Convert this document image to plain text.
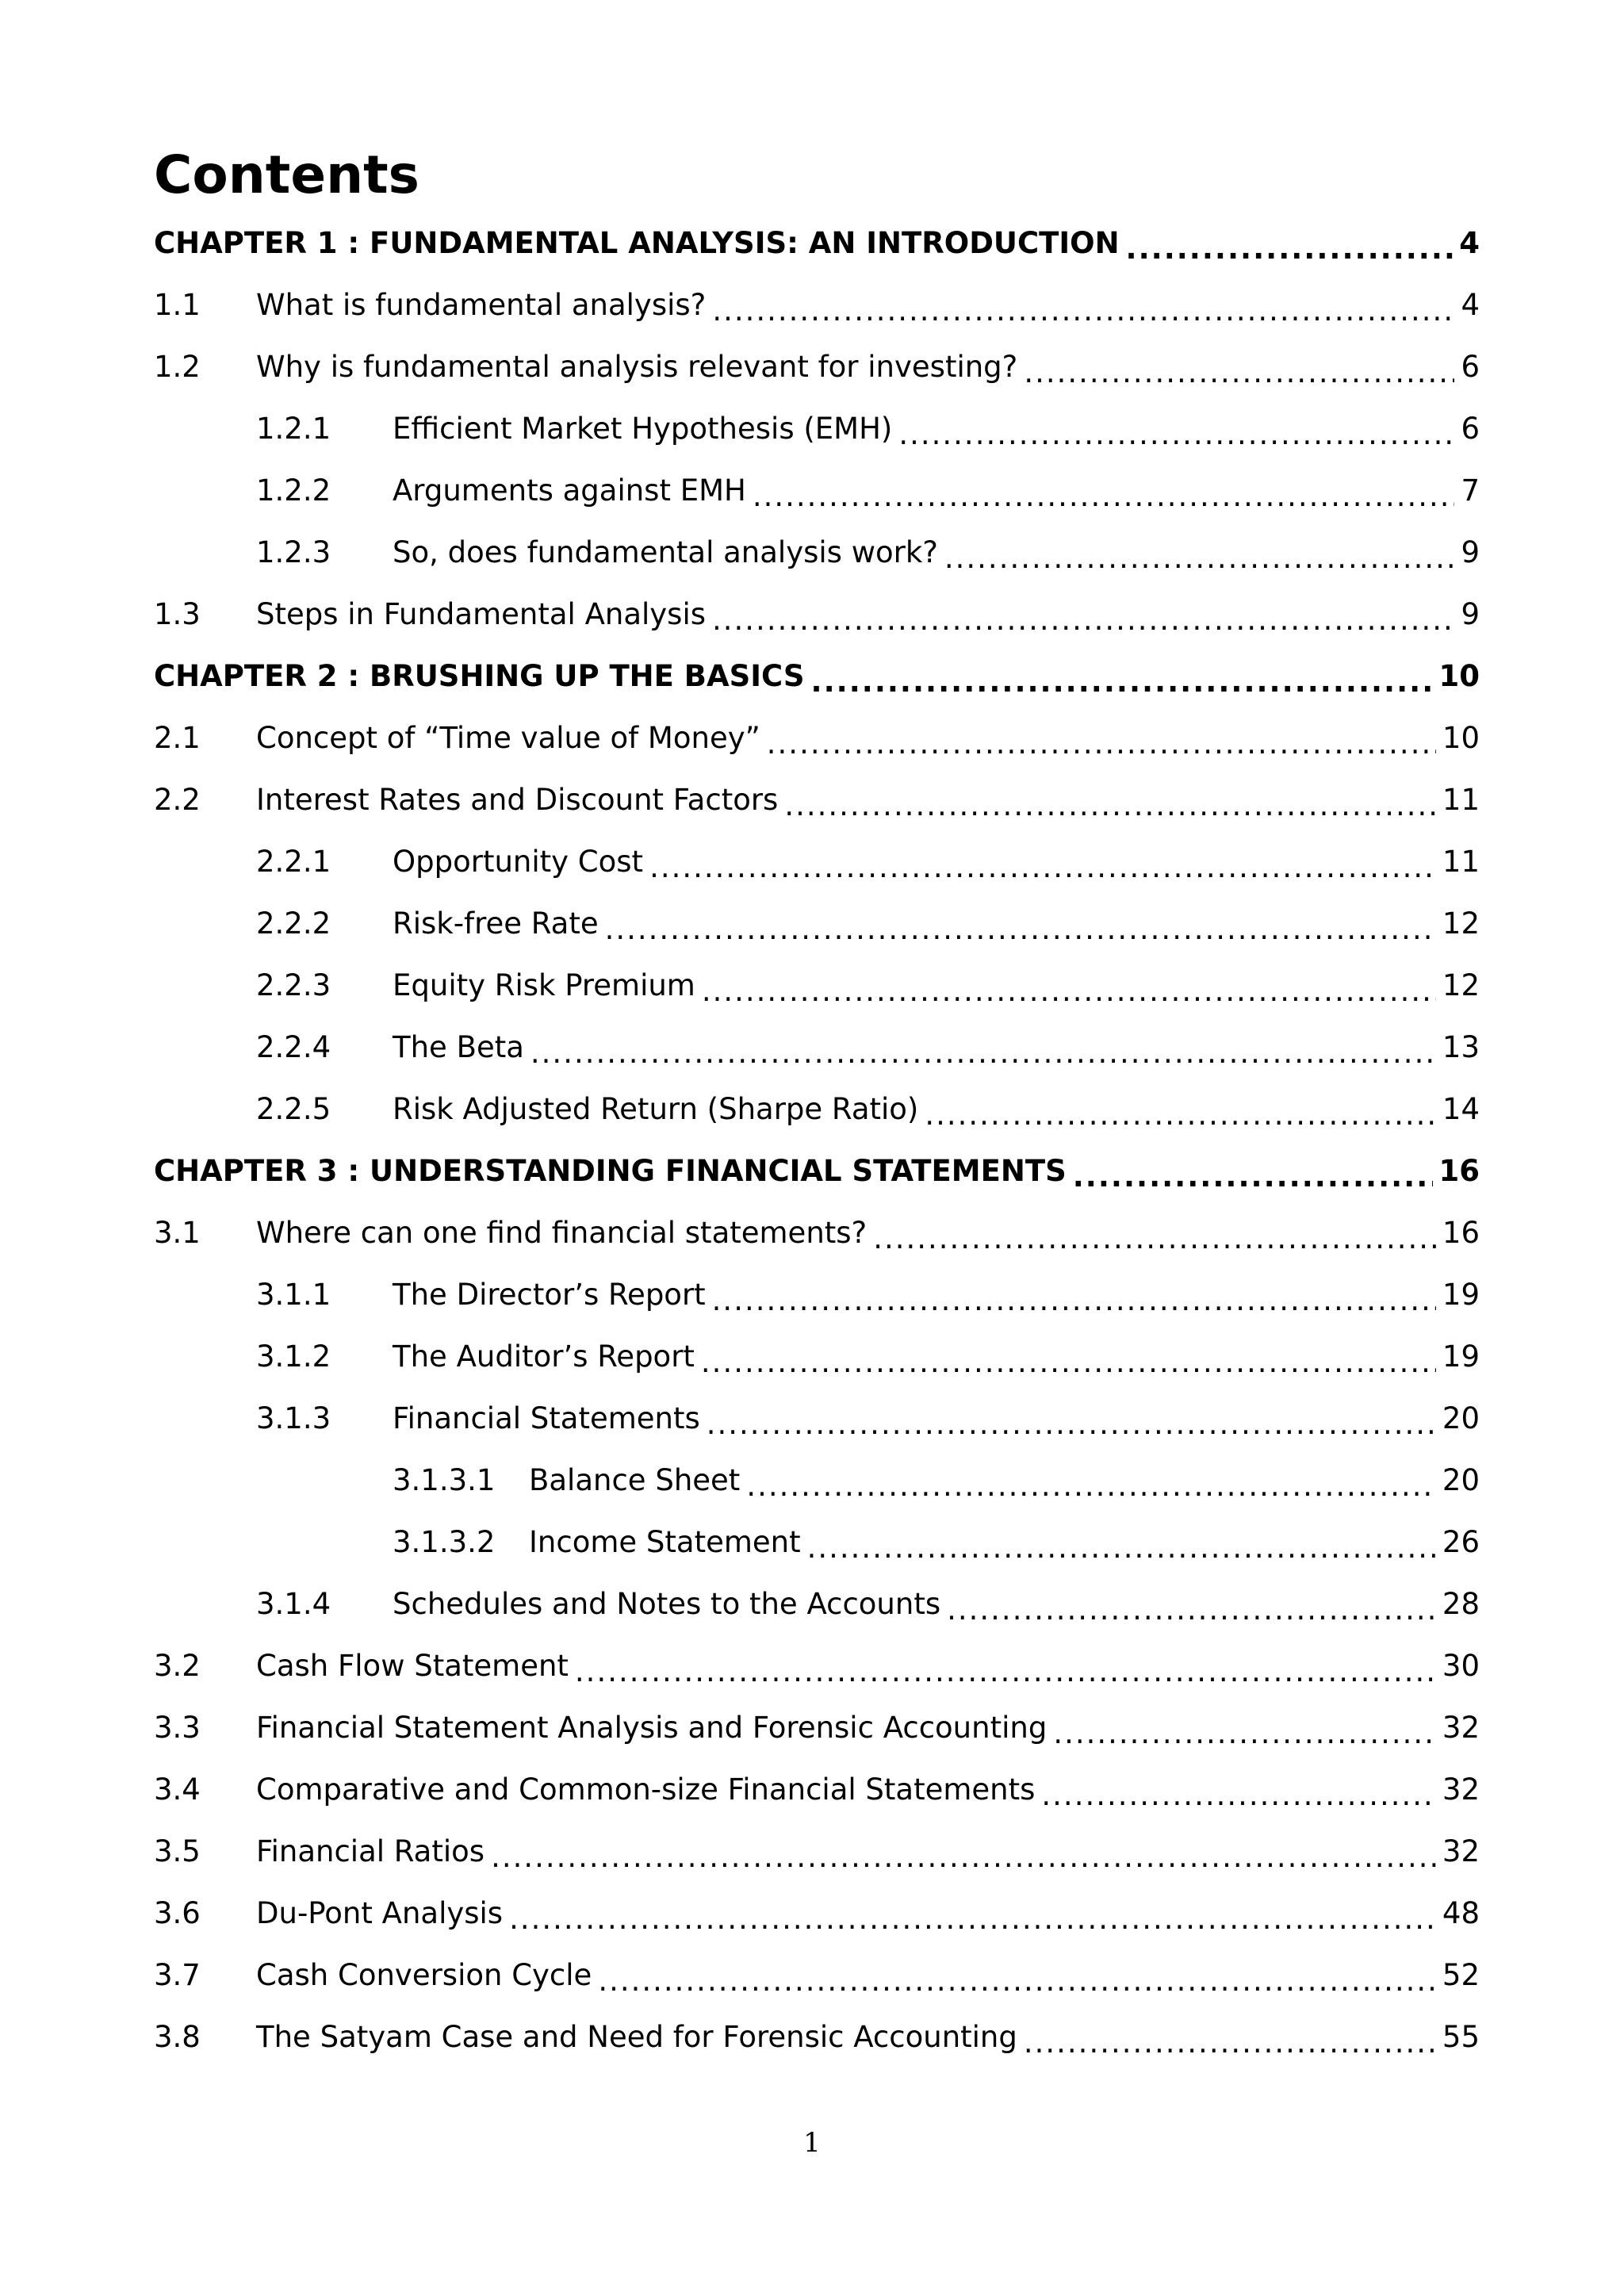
Contents
CHAPTER 1 : FUNDAMENTAL ANALYSIS: AN INTRODUCTION .....	4
1.1	What is fundamental analysis? .....	4
1.2	Why is fundamental analysis relevant for investing? .....	6
1.2.1	Efficient Market Hypothesis (EMH) .....	6
1.2.2	Arguments against EMH .....	7
1.2.3	So, does fundamental analysis work? .....	9
1.3	Steps in Fundamental Analysis .....	9
CHAPTER 2 : BRUSHING UP THE BASICS .....	10
2.1	Concept of “Time value of Money” .....	10
2.2	Interest Rates and Discount Factors .....	11
2.2.1	Opportunity Cost .....	11
2.2.2	Risk-free Rate .....	12
2.2.3	Equity Risk Premium .....	12
2.2.4	The Beta .....	13
2.2.5	Risk Adjusted Return (Sharpe Ratio) .....	14
CHAPTER 3 : UNDERSTANDING FINANCIAL STATEMENTS .....	16
3.1	Where can one find financial statements? .....	16
3.1.1	The Director’s Report .....	19
3.1.2	The Auditor’s Report .....	19
3.1.3	Financial Statements .....	20
3.1.3.1	Balance Sheet .....	20
3.1.3.2	Income Statement .....	26
3.1.4	Schedules and Notes to the Accounts .....	28
3.2	Cash Flow Statement .....	30
3.3	Financial Statement Analysis and Forensic Accounting .....	32
3.4	Comparative and Common-size Financial Statements .....	32
3.5	Financial Ratios .....	32
3.6	Du-Pont Analysis .....	48
3.7	Cash Conversion Cycle .....	52
3.8	The Satyam Case and Need for Forensic Accounting .....	55
1
